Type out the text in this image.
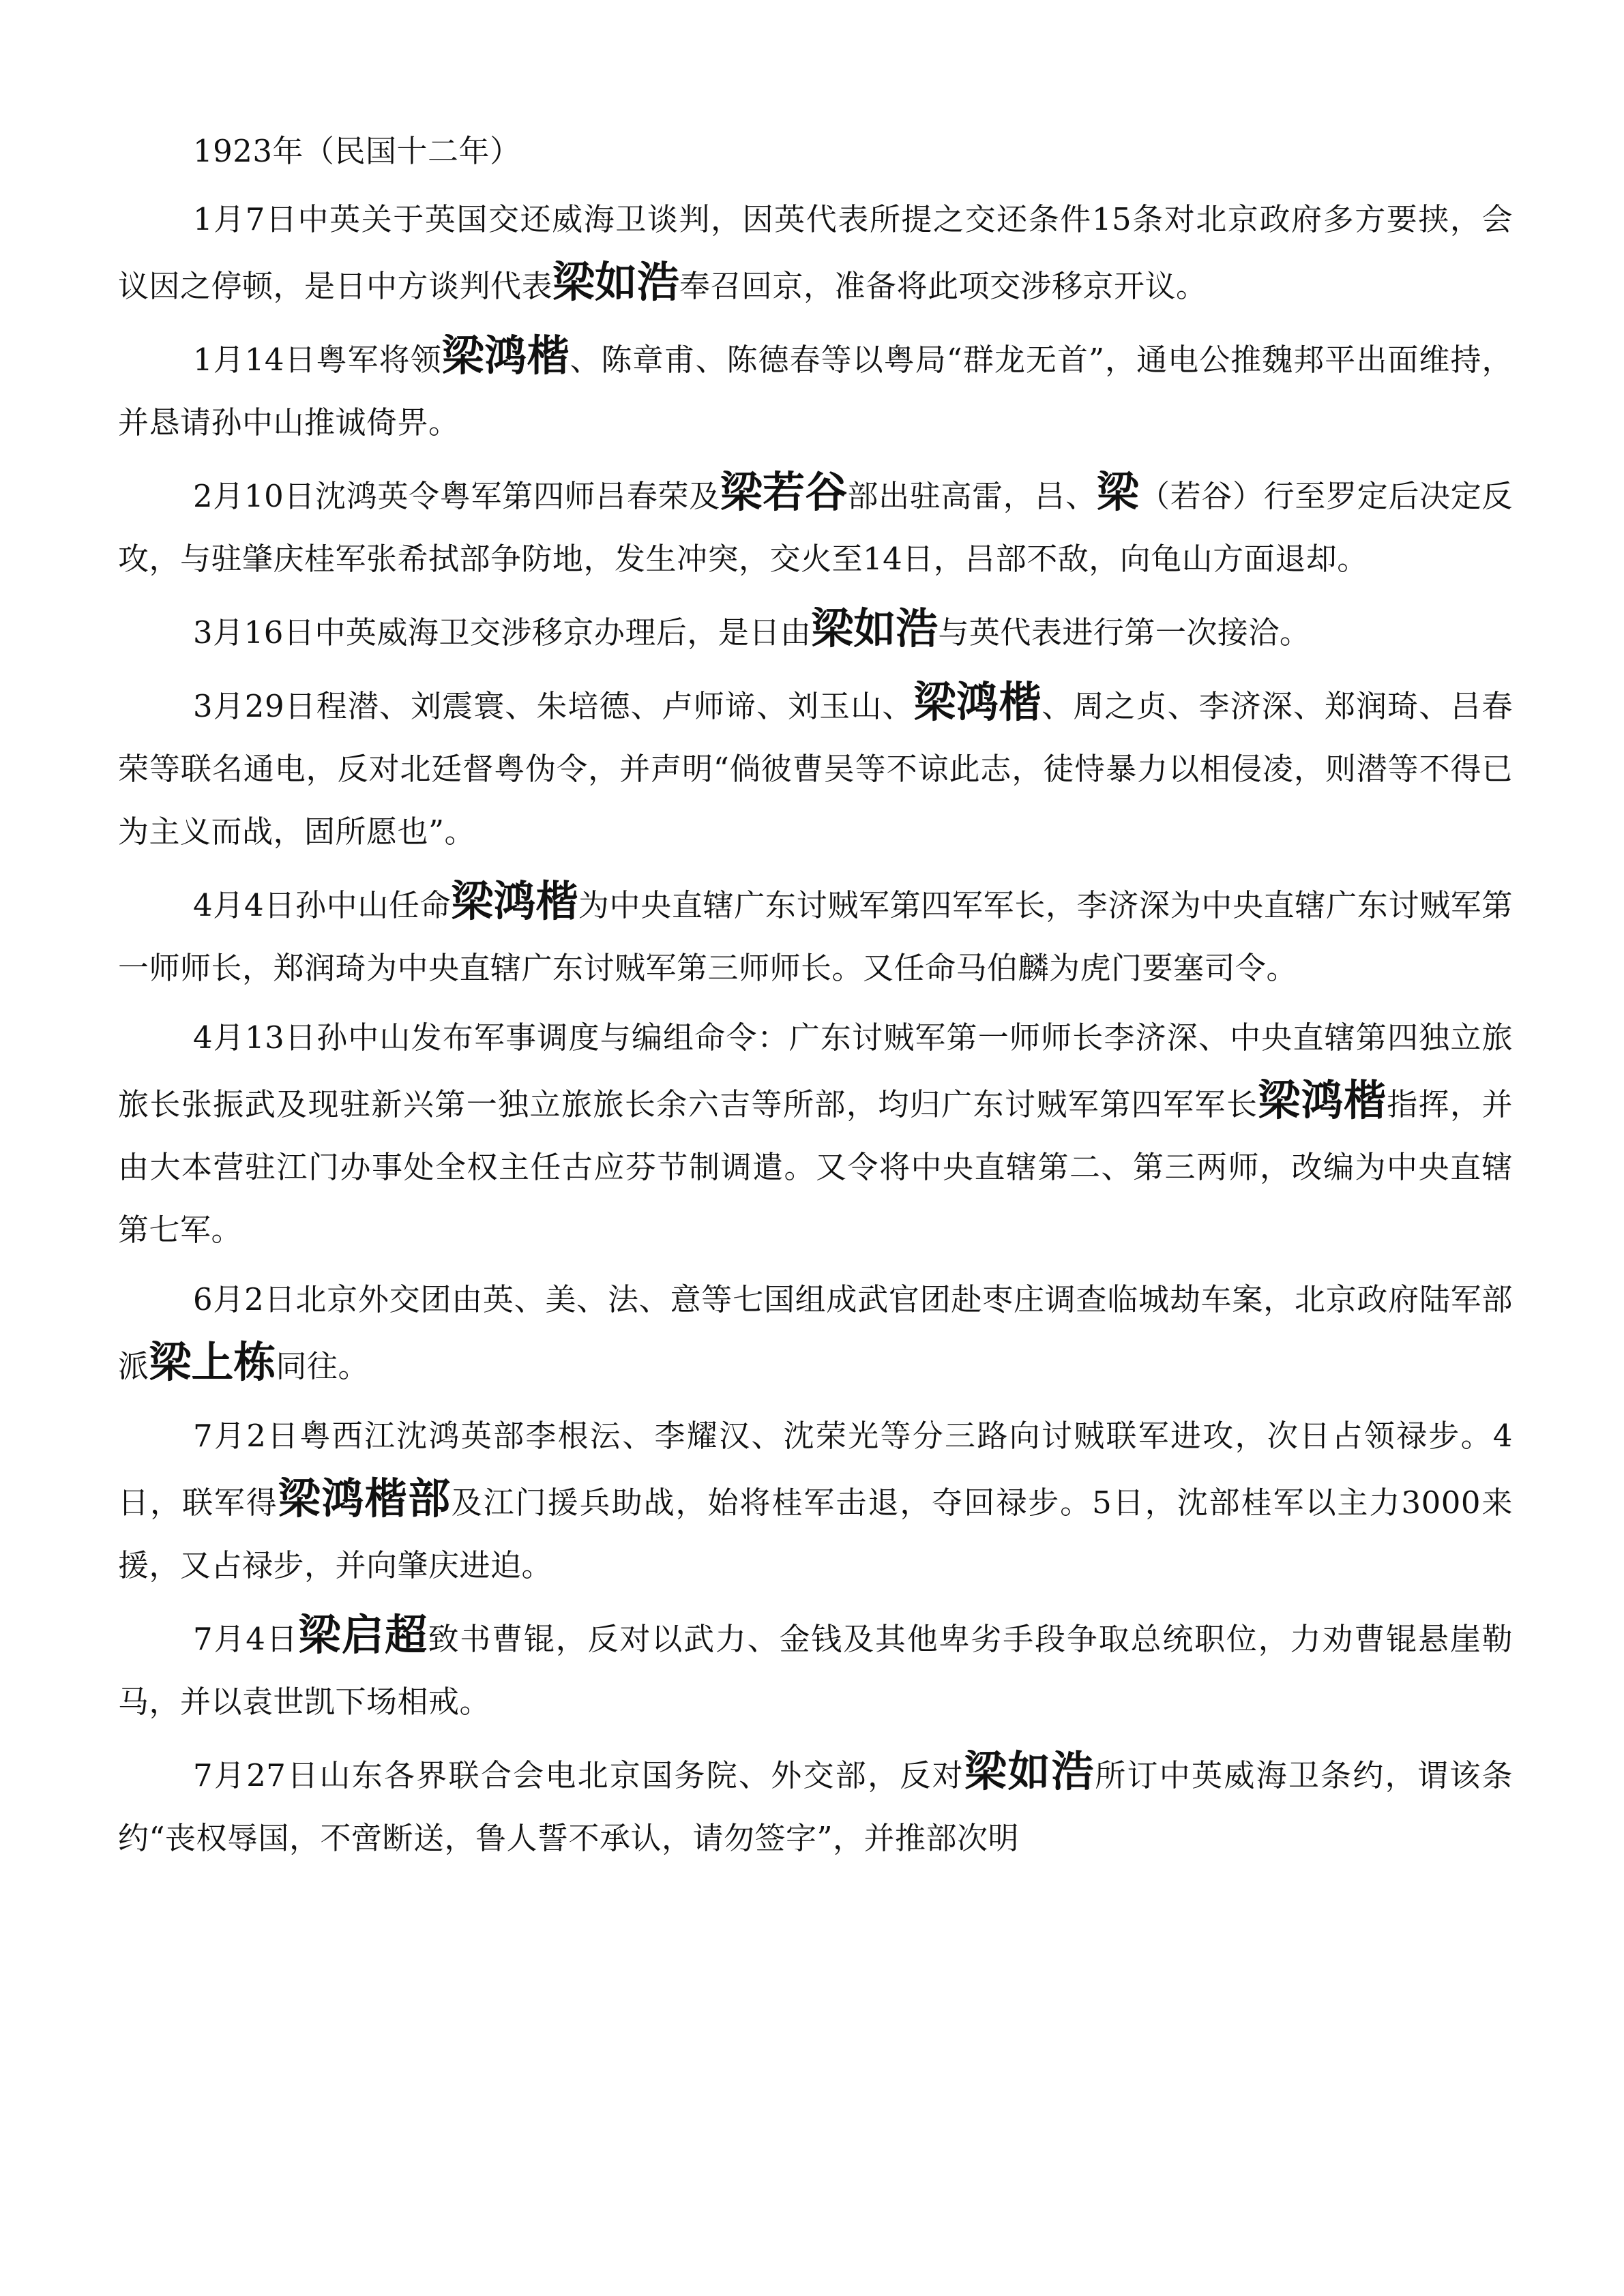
1923年（民国十二年）

1月7日中英关于英国交还威海卫谈判，因英代表所提之交还条件15条对北京政府多方要挟，会议因之停顿，是日中方谈判代表梁如浩奉召回京，准备将此项交涉移京开议。

1月14日粤军将领梁鸿楷、陈章甫、陈德春等以粤局“群龙无首”，通电公推魏邦平出面维持，并恳请孙中山推诚倚畀。

2月10日沈鸿英令粤军第四师吕春荣及梁若谷部出驻高雷，吕、梁（若谷）行至罗定后决定反攻，与驻肇庆桂军张希拭部争防地，发生冲突，交火至14日，吕部不敌，向龟山方面退却。

3月16日中英威海卫交涉移京办理后，是日由梁如浩与英代表进行第一次接洽。

3月29日程潜、刘震寰、朱培德、卢师谛、刘玉山、梁鸿楷、周之贞、李济深、郑润琦、吕春荣等联名通电，反对北廷督粤伪令，并声明“倘彼曹吴等不谅此志，徒恃暴力以相侵凌，则潜等不得已为主义而战，固所愿也”。

4月4日孙中山任命梁鸿楷为中央直辖广东讨贼军第四军军长，李济深为中央直辖广东讨贼军第一师师长，郑润琦为中央直辖广东讨贼军第三师师长。又任命马伯麟为虎门要塞司令。

4月13日孙中山发布军事调度与编组命令：广东讨贼军第一师师长李济深、中央直辖第四独立旅旅长张振武及现驻新兴第一独立旅旅长余六吉等所部，均归广东讨贼军第四军军长梁鸿楷指挥，并由大本营驻江门办事处全权主任古应芬节制调遣。又令将中央直辖第二、第三两师，改编为中央直辖第七军。

6月2日北京外交团由英、美、法、意等七国组成武官团赴枣庄调查临城劫车案，北京政府陆军部派梁上栋同往。

7月2日粤西江沈鸿英部李根沄、李耀汉、沈荣光等分三路向讨贼联军进攻，次日占领禄步。4日，联军得梁鸿楷部及江门援兵助战，始将桂军击退，夺回禄步。5日，沈部桂军以主力3000来援，又占禄步，并向肇庆进迫。

7月4日梁启超致书曹锟，反对以武力、金钱及其他卑劣手段争取总统职位，力劝曹锟悬崖勒马，并以袁世凯下场相戒。

7月27日山东各界联合会电北京国务院、外交部，反对梁如浩所订中英威海卫条约，谓该条约“丧权辱国，不啻断送，鲁人誓不承认，请勿签字”，并推部次明
